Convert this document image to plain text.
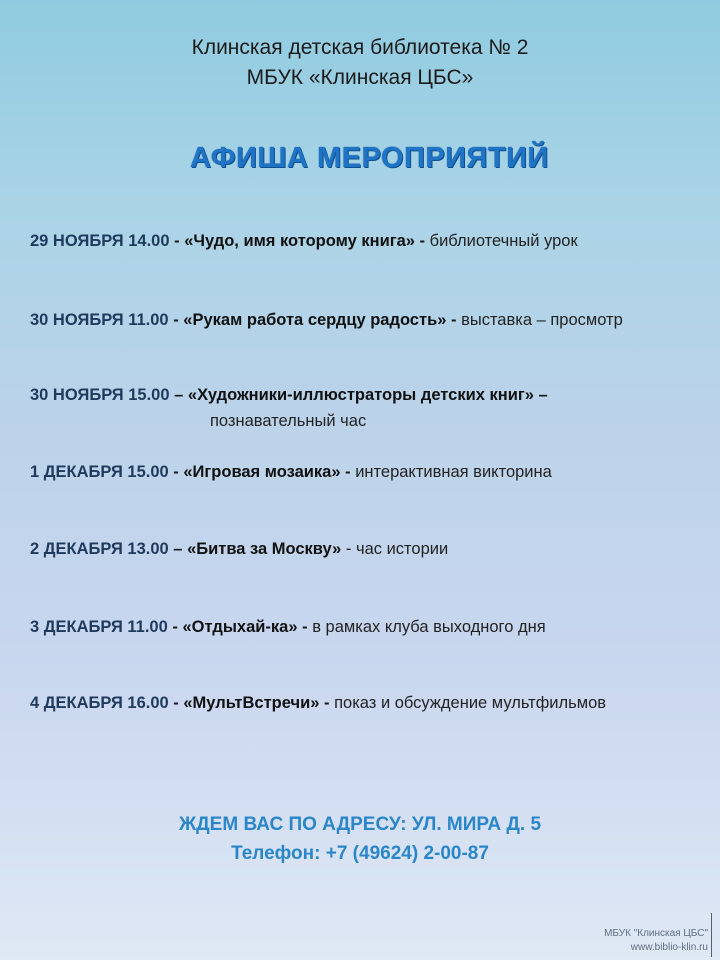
Клинская детская библиотека № 2
МБУК «Клинская ЦБС»
АФИША МЕРОПРИЯТИЙ
29 НОЯБРЯ 14.00 - «Чудо, имя которому книга» - библиотечный урок
30 НОЯБРЯ 11.00 - «Рукам работа сердцу радость» - выставка – просмотр
30 НОЯБРЯ 15.00 – «Художники-иллюстраторы детских книг» –
познавательный час
1 ДЕКАБРЯ 15.00 - «Игровая мозаика» - интерактивная викторина
2 ДЕКАБРЯ 13.00 – «Битва за Москву» - час истории
3 ДЕКАБРЯ 11.00 - «Отдыхай-ка» - в рамках клуба выходного дня
4 ДЕКАБРЯ 16.00 - «МультВстречи» - показ и обсуждение мультфильмов
ЖДЕМ ВАС ПО АДРЕСУ: УЛ. МИРА Д. 5
Телефон: +7 (49624) 2-00-87
МБУК "Клинская ЦБС"
www.biblio-klin.ru
